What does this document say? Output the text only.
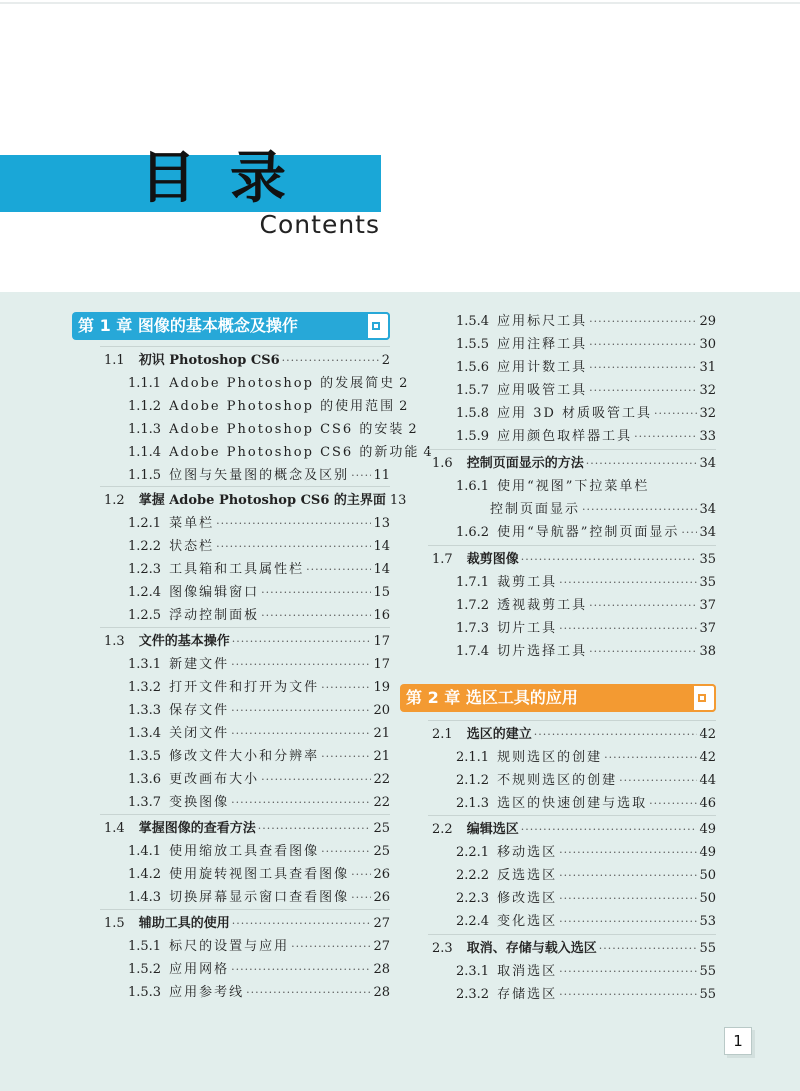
目录
Contents
第 1 章 图像的基本概念及操作
第 2 章 选区工具的应用
1.1 初识 Photoshop CS6 ·····	2
1.1.1 Adobe Photoshop 的发展简史 2
1.1.2 Adobe Photoshop 的使用范围 2
1.1.3 Adobe Photoshop CS6 的安装 2
1.1.4 Adobe Photoshop CS6 的新功能 4
1.1.5 位图与矢量图的概念及区别 ····· 11
1.2 掌握 Adobe Photoshop CS6 的主界面 13
1.2.1 菜单栏 ·····	13
1.2.2 状态栏 ·····	14
1.2.3 工具箱和工具属性栏 ·····	14
1.2.4 图像编辑窗口 ·····	15
1.2.5 浮动控制面板 ·····	16
1.3 文件的基本操作 ·····	17
1.3.1 新建文件 ·····	17
1.3.2 打开文件和打开为文件 ·····	19
1.3.3 保存文件 ·····	20
1.3.4 关闭文件 ·····	21
1.3.5 修改文件大小和分辨率 ·····	21
1.3.6 更改画布大小 ·····	22
1.3.7 变换图像 ·····	22
1.4 掌握图像的查看方法 ·····	25
1.4.1 使用缩放工具查看图像 ·····	25
1.4.2 使用旋转视图工具查看图像 ····· 26
1.4.3 切换屏幕显示窗口查看图像 ····· 26
1.5 辅助工具的使用 ·····	27
1.5.1 标尺的设置与应用 ·····	27
1.5.2 应用网格 ·····	28
1.5.3 应用参考线 ·····	28
1.5.4 应用标尺工具 ·····	29
1.5.5 应用注释工具 ·····	30
1.5.6 应用计数工具 ·····	31
1.5.7 应用吸管工具 ·····	32
1.5.8 应用 3D 材质吸管工具 ·····	32
1.5.9 应用颜色取样器工具 ·····	33
1.6 控制页面显示的方法 ·····	34
1.6.1 使用“视图”下拉菜单栏
控制页面显示 ·····	34
1.6.2 使用“导航器”控制页面显示 ····· 34
1.7 裁剪图像 ·····	35
1.7.1 裁剪工具 ·····	35
1.7.2 透视裁剪工具 ·····	37
1.7.3 切片工具 ·····	37
1.7.4 切片选择工具 ·····	38
2.1 选区的建立 ·····	42
2.1.1 规则选区的创建 ·····	42
2.1.2 不规则选区的创建 ·····	44
2.1.3 选区的快速创建与选取 ·····	46
2.2 编辑选区 ·····	49
2.2.1 移动选区 ·····	49
2.2.2 反选选区 ·····	50
2.2.3 修改选区 ·····	50
2.2.4 变化选区 ·····	53
2.3 取消、存储与载入选区 ·····	55
2.3.1 取消选区 ·····	55
2.3.2 存储选区 ·····	55
1
